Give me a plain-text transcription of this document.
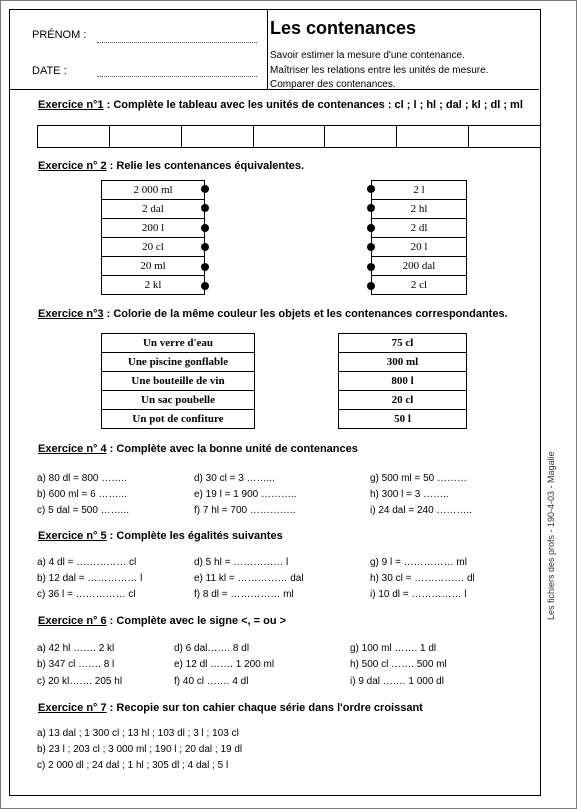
PRÉNOM :
DATE :
Les contenances
Savoir estimer la mesure d'une contenance.
Maîtriser les relations entre les unités de mesure.
Comparer des contenances.
Les fichiers des profs - 190-4-03 - Magalie
Exercice n°1 : Complète le tableau avec les unités de contenances : cl ; l ; hl ; dal ; kl ; dl ; ml
Exercice n° 2 : Relie les contenances équivalentes.
2 000 ml
2 dal
200 l
20 cl
20 ml
2 kl
2 l
2 hl
2 dl
20 l
200 dal
2 cl
Exercice n°3 : Colorie de la même couleur les objets et les contenances correspondantes.
Un verre d'eau
Une piscine gonflable
Une bouteille de vin
Un sac poubelle
Un pot de confiture
75 cl
300 ml
800 l
20 cl
50 l
Exercice n° 4 : Complète avec la bonne unité de contenances
a) 80 dl = 800 ……..
b) 600 ml = 6 ……...
c) 5 dal = 500 ……...
d) 30 cl = 3 ……...
e) 19 l = 1 900 ………..
f) 7 hl = 700 …………..
g) 500 ml = 50 ………
h) 300 l = 3 ……..
i) 24 dal = 240 ………..
Exercice n° 5 : Complète les égalités suivantes
a) 4 dl = …………… cl
b) 12 dal = …………… l
c) 36 l = …………… cl
d) 5 hl = …………… l
e) 11 kl = …………… dal
f) 8 dl = …………… ml
g) 9 l = …………… ml
h) 30 cl = …………… dl
i) 10 dl = …………… l
Exercice n° 6 : Complète avec le signe <, = ou >
a) 42 hl ……. 2 kl
b) 347 cl ……. 8 l
c) 20 kl……. 205 hl
d) 6 dal……. 8 dl
e) 12 dl ……. 1 200 ml
f) 40 cl ……. 4 dl
g) 100 ml ……. 1 dl
h) 500 cl ……. 500 ml
i) 9 dal ……. 1 000 dl
Exercice n° 7 : Recopie sur ton cahier chaque série dans l'ordre croissant
a) 13 dal ; 1 300 cl ; 13 hl ; 103 dl ; 3 l ; 103 cl
b) 23 l ; 203 cl ; 3 000 ml ; 190 l ; 20 dal ; 19 dl
c) 2 000 dl ; 24 dal ; 1 hl ; 305 dl ; 4 dal ; 5 l
